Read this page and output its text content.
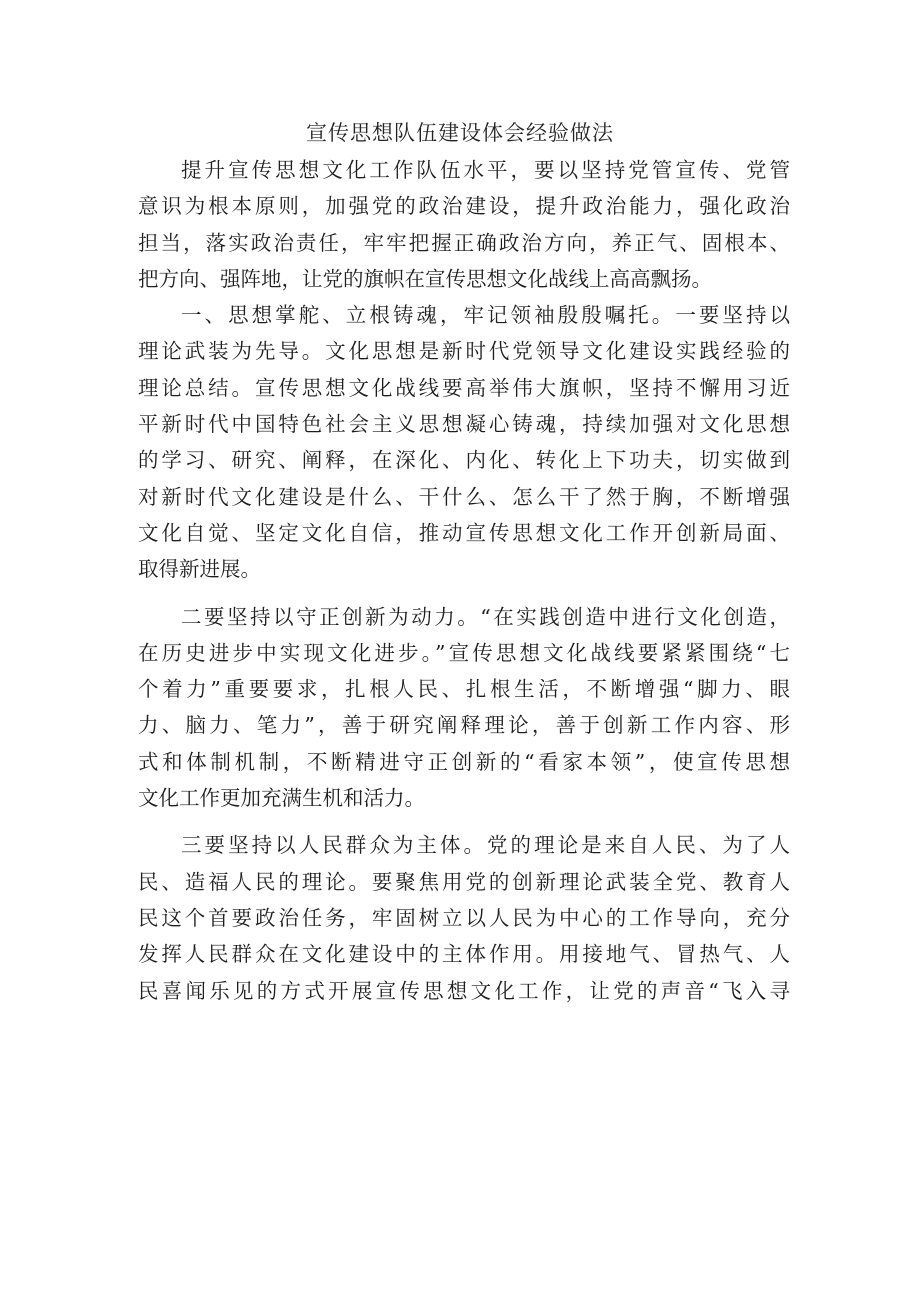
宣传思想队伍建设体会经验做法
提升宣传思想文化工作队伍水平，要以坚持党管宣传、党管
意识为根本原则，加强党的政治建设，提升政治能力，强化政治
担当，落实政治责任，牢牢把握正确政治方向，养正气、固根本、
把方向、强阵地，让党的旗帜在宣传思想文化战线上高高飘扬。
一、思想掌舵、立根铸魂，牢记领袖殷殷嘱托。一要坚持以
理论武装为先导。文化思想是新时代党领导文化建设实践经验的
理论总结。宣传思想文化战线要高举伟大旗帜，坚持不懈用习近
平新时代中国特色社会主义思想凝心铸魂，持续加强对文化思想
的学习、研究、阐释，在深化、内化、转化上下功夫，切实做到
对新时代文化建设是什么、干什么、怎么干了然于胸，不断增强
文化自觉、坚定文化自信，推动宣传思想文化工作开创新局面、
取得新进展。
二要坚持以守正创新为动力。“在实践创造中进行文化创造，
在历史进步中实现文化进步。”宣传思想文化战线要紧紧围绕“七
个着力”重要要求，扎根人民、扎根生活，不断增强“脚力、眼
力、脑力、笔力”，善于研究阐释理论，善于创新工作内容、形
式和体制机制，不断精进守正创新的“看家本领”，使宣传思想
文化工作更加充满生机和活力。
三要坚持以人民群众为主体。党的理论是来自人民、为了人
民、造福人民的理论。要聚焦用党的创新理论武装全党、教育人
民这个首要政治任务，牢固树立以人民为中心的工作导向，充分
发挥人民群众在文化建设中的主体作用。用接地气、冒热气、人
民喜闻乐见的方式开展宣传思想文化工作，让党的声音“飞入寻
